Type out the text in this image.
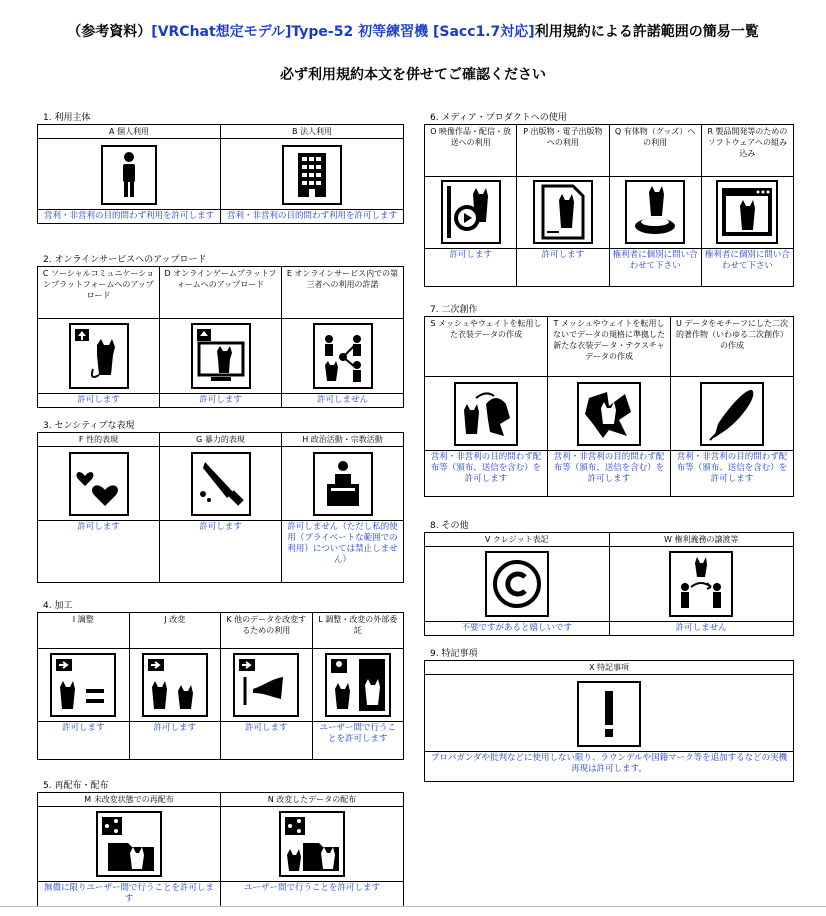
（参考資料）[VRChat想定モデル]Type-52 初等練習機 [Sacc1.7対応]利用規約による許諾範囲の簡易一覧
必ず利用規約本文を併せてご確認ください
1. 利用主体
A 個人利用	B 法人利用

営利・非営利の目的問わず利用を許可します	営利・非営利の目的問わず利用を許可します
2. オンラインサービスへのアップロード
C ソーシャルコミュニケーションプラットフォームへのアップロード	D オンラインゲームプラットフォームへのアップロード	E オンラインサービス内での第三者への利用の許諾

許可します	許可します	許可しません
3. センシティブな表現
F 性的表現	G 暴力的表現	H 政治活動・宗教活動

許可します	許可します	許可しません（ただし私的使用（プライベートな範囲での利用）については禁止しません）
4. 加工
I 調整	J 改変	K 他のデータを改変するための利用	L 調整・改変の外部委託

許可します	許可します	許可します	ユーザー間で行うことを許可します
5. 再配布・配布
M 未改変状態での再配布	N 改変したデータの配布

無償に限りユーザー間で行うことを許可します	ユーザー間で行うことを許可します
6. メディア・プロダクトへの使用
O 映像作品・配信・放送への利用	P 出版物・電子出版物への利用	Q 有体物（グッズ）への利用	R 製品開発等のためのソフトウェアへの組み込み

許可します	許可します	権利者に個別に問い合わせて下さい	権利者に個別に問い合わせて下さい
7. 二次創作
S メッシュやウェイトを転用した衣装データの作成	T メッシュやウェイトを転用しないでデータの規格に準拠した新たな衣装データ・テクスチャデータの作成	U データをモチーフにした二次的著作物（いわゆる二次創作）の作成

営利・非営利の目的問わず配布等（頒布、送信を含む）を許可します	営利・非営利の目的問わず配布等（頒布、送信を含む）を許可します	営利・非営利の目的問わず配布等（頒布、送信を含む）を許可します
8. その他
V クレジット表記	W 権利義務の譲渡等

不要ですがあると嬉しいです	許可しません
9. 特記事項
X 特記事項

プロパガンダや批判などに使用しない限り、ラウンデルや国籍マーク等を追加するなどの実機再現は許可します。
